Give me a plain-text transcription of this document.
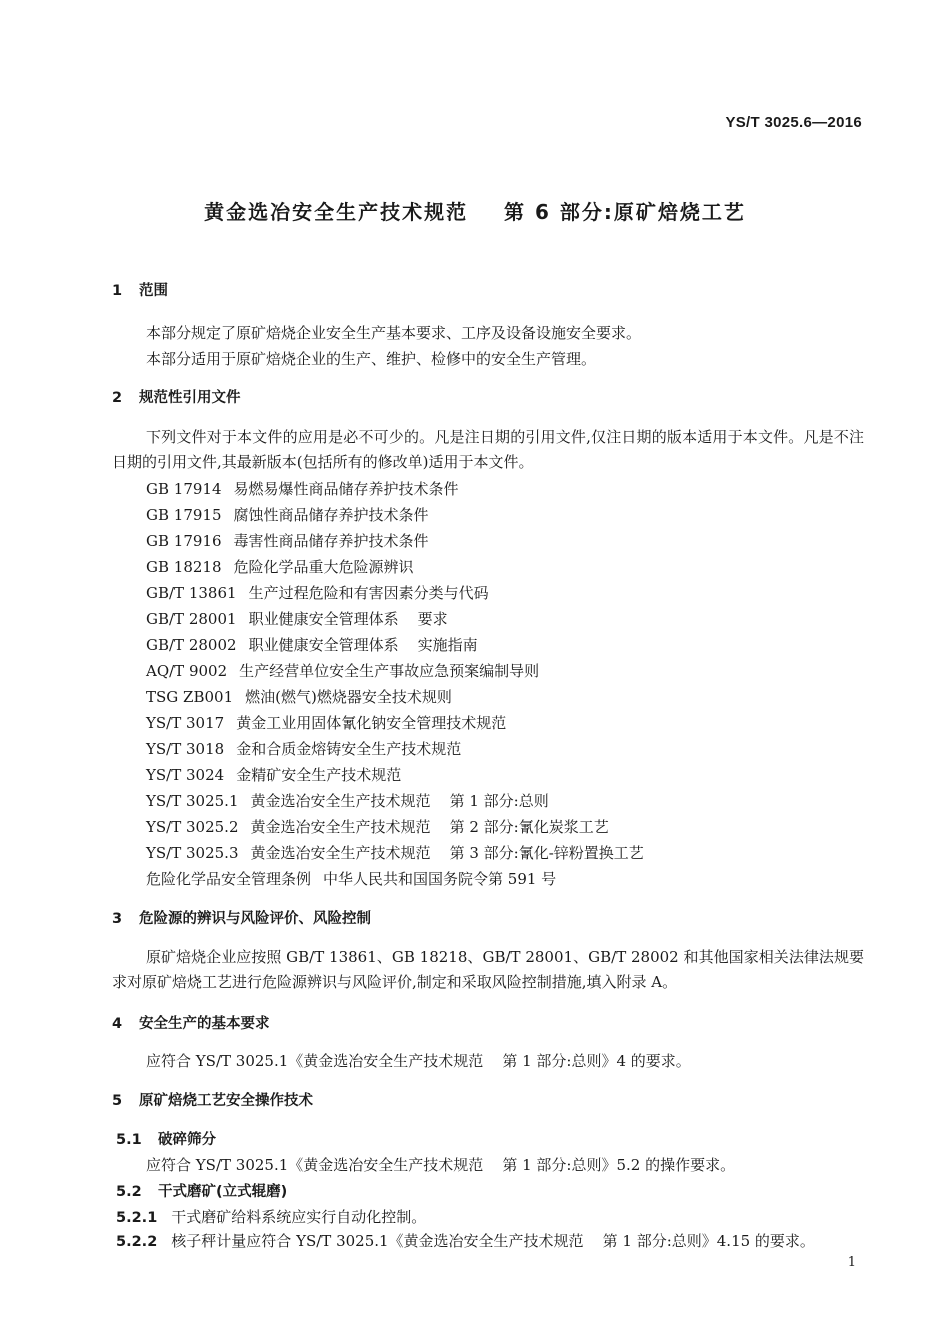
YS/T 3025.6—2016
黄金选冶安全生产技术规范    第 6 部分:原矿焙烧工艺
1 范围
本部分规定了原矿焙烧企业安全生产基本要求、工序及设备设施安全要求。
本部分适用于原矿焙烧企业的生产、维护、检修中的安全生产管理。
2 规范性引用文件
下列文件对于本文件的应用是必不可少的。凡是注日期的引用文件,仅注日期的版本适用于本文件。凡是不注日期的引用文件,其最新版本(包括所有的修改单)适用于本文件。
GB 17914 易燃易爆性商品储存养护技术条件
GB 17915 腐蚀性商品储存养护技术条件
GB 17916 毒害性商品储存养护技术条件
GB 18218 危险化学品重大危险源辨识
GB/T 13861 生产过程危险和有害因素分类与代码
GB/T 28001 职业健康安全管理体系    要求
GB/T 28002 职业健康安全管理体系    实施指南
AQ/T 9002 生产经营单位安全生产事故应急预案编制导则
TSG ZB001 燃油(燃气)燃烧器安全技术规则
YS/T 3017 黄金工业用固体氰化钠安全管理技术规范
YS/T 3018 金和合质金熔铸安全生产技术规范
YS/T 3024 金精矿安全生产技术规范
YS/T 3025.1 黄金选冶安全生产技术规范    第 1 部分:总则
YS/T 3025.2 黄金选冶安全生产技术规范    第 2 部分:氰化炭浆工艺
YS/T 3025.3 黄金选冶安全生产技术规范    第 3 部分:氰化-锌粉置换工艺
危险化学品安全管理条例 中华人民共和国国务院令第 591 号
3 危险源的辨识与风险评价、风险控制
原矿焙烧企业应按照 GB/T 13861、GB 18218、GB/T 28001、GB/T 28002 和其他国家相关法律法规要求对原矿焙烧工艺进行危险源辨识与风险评价,制定和采取风险控制措施,填入附录 A。
4 安全生产的基本要求
应符合 YS/T 3025.1《黄金选冶安全生产技术规范    第 1 部分:总则》4 的要求。
5 原矿焙烧工艺安全操作技术
5.1 破碎筛分
应符合 YS/T 3025.1《黄金选冶安全生产技术规范    第 1 部分:总则》5.2 的操作要求。
5.2 干式磨矿(立式辊磨)
5.2.1 干式磨矿给料系统应实行自动化控制。
5.2.2 核子秤计量应符合 YS/T 3025.1《黄金选冶安全生产技术规范    第 1 部分:总则》4.15 的要求。
1
